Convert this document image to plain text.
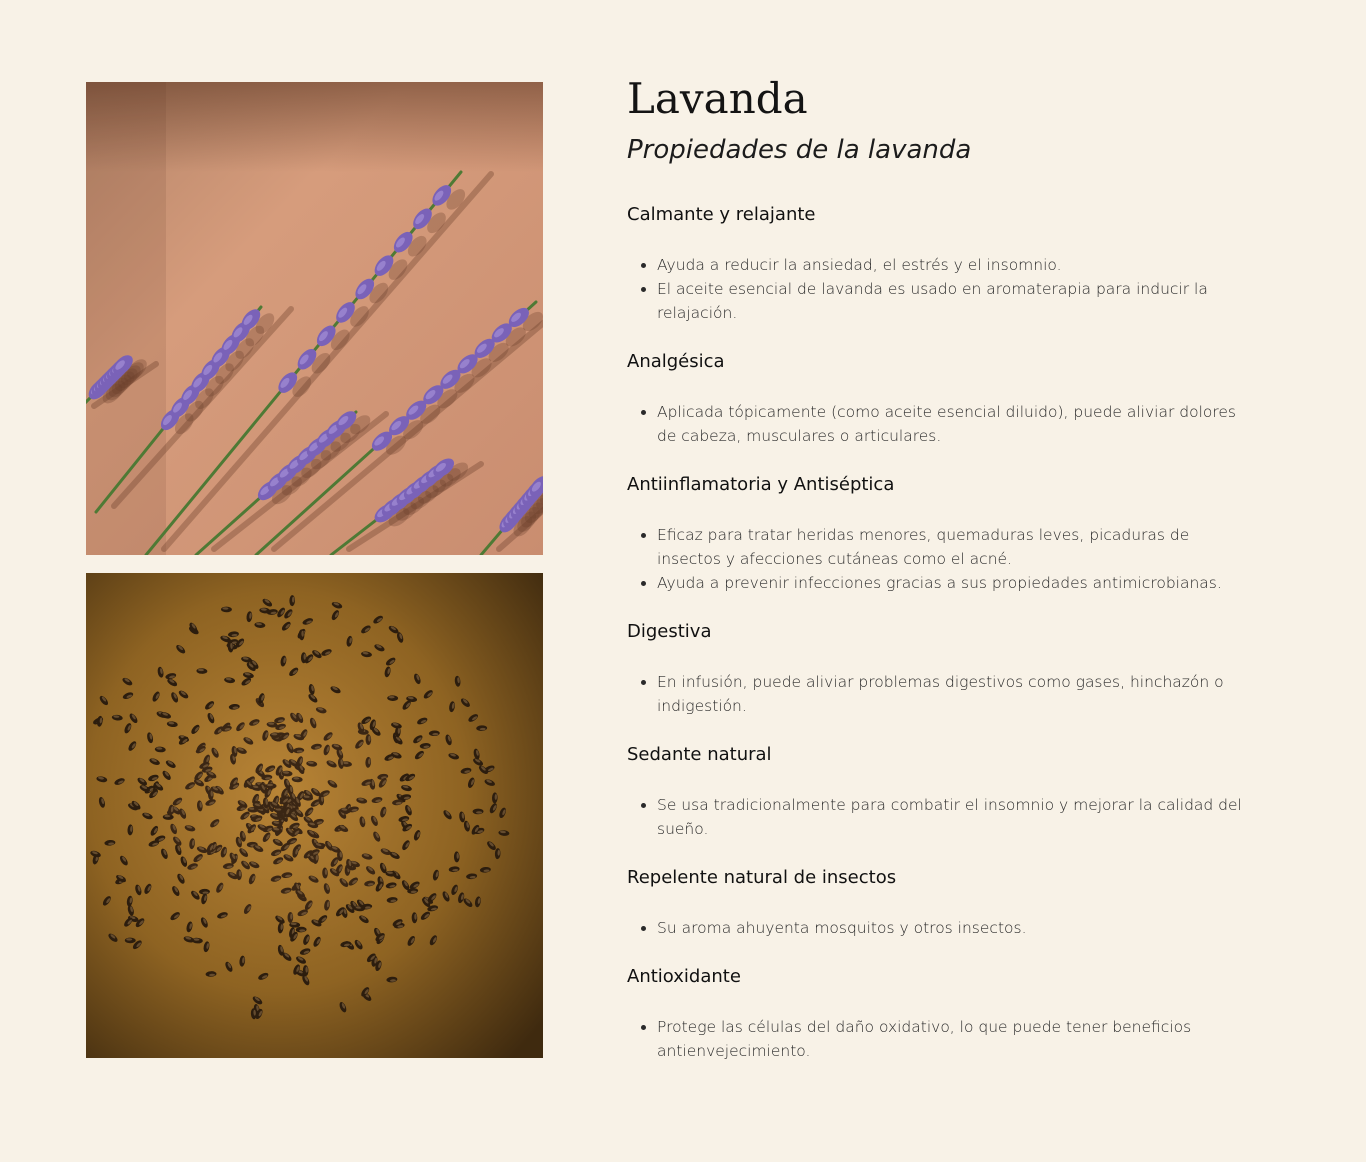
Lavanda
Propiedades de la lavanda
Calmante y relajante
• Ayuda a reducir la ansiedad, el estrés y el insomnio.
• El aceite esencial de lavanda es usado en aromaterapia para inducir la relajación.
Analgésica
• Aplicada tópicamente (como aceite esencial diluido), puede aliviar dolores de cabeza, musculares o articulares.
Antiinflamatoria y Antiséptica
• Eficaz para tratar heridas menores, quemaduras leves, picaduras de insectos y afecciones cutáneas como el acné.
• Ayuda a prevenir infecciones gracias a sus propiedades antimicrobianas.
Digestiva
• En infusión, puede aliviar problemas digestivos como gases, hinchazón o indigestión.
Sedante natural
• Se usa tradicionalmente para combatir el insomnio y mejorar la calidad del sueño.
Repelente natural de insectos
• Su aroma ahuyenta mosquitos y otros insectos.
Antioxidante
• Protege las células del daño oxidativo, lo que puede tener beneficios antienvejecimiento.
